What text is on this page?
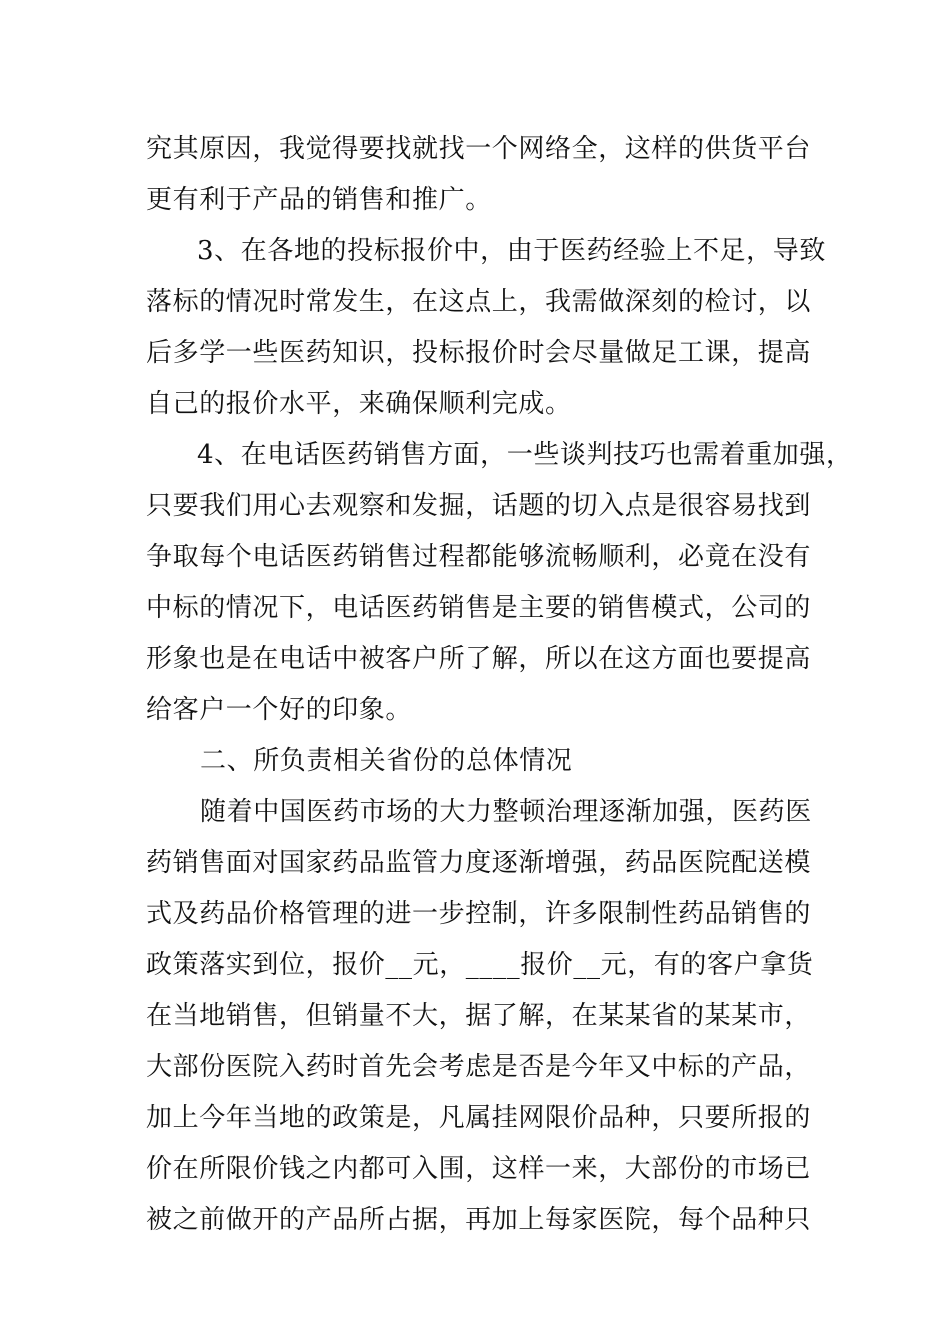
究其原因，我觉得要找就找一个网络全，这样的供货平台
更有利于产品的销售和推广。
3、在各地的投标报价中，由于医药经验上不足，导致
落标的情况时常发生，在这点上，我需做深刻的检讨，以
后多学一些医药知识，投标报价时会尽量做足工课，提高
自己的报价水平，来确保顺利完成。
4、在电话医药销售方面，一些谈判技巧也需着重加强，
只要我们用心去观察和发掘，话题的切入点是很容易找到
争取每个电话医药销售过程都能够流畅顺利，必竟在没有
中标的情况下，电话医药销售是主要的销售模式，公司的
形象也是在电话中被客户所了解，所以在这方面也要提高
给客户一个好的印象。
二、所负责相关省份的总体情况
随着中国医药市场的大力整顿治理逐渐加强，医药医
药销售面对国家药品监管力度逐渐增强，药品医院配送模
式及药品价格管理的进一步控制，许多限制性药品销售的
政策落实到位，报价__元，____报价__元，有的客户拿货
在当地销售，但销量不大，据了解，在某某省的某某市，
大部份医院入药时首先会考虑是否是今年又中标的产品，
加上今年当地的政策是，凡属挂网限价品种，只要所报的
价在所限价钱之内都可入围，这样一来，大部份的市场已
被之前做开的产品所占据，再加上每家医院，每个品种只
